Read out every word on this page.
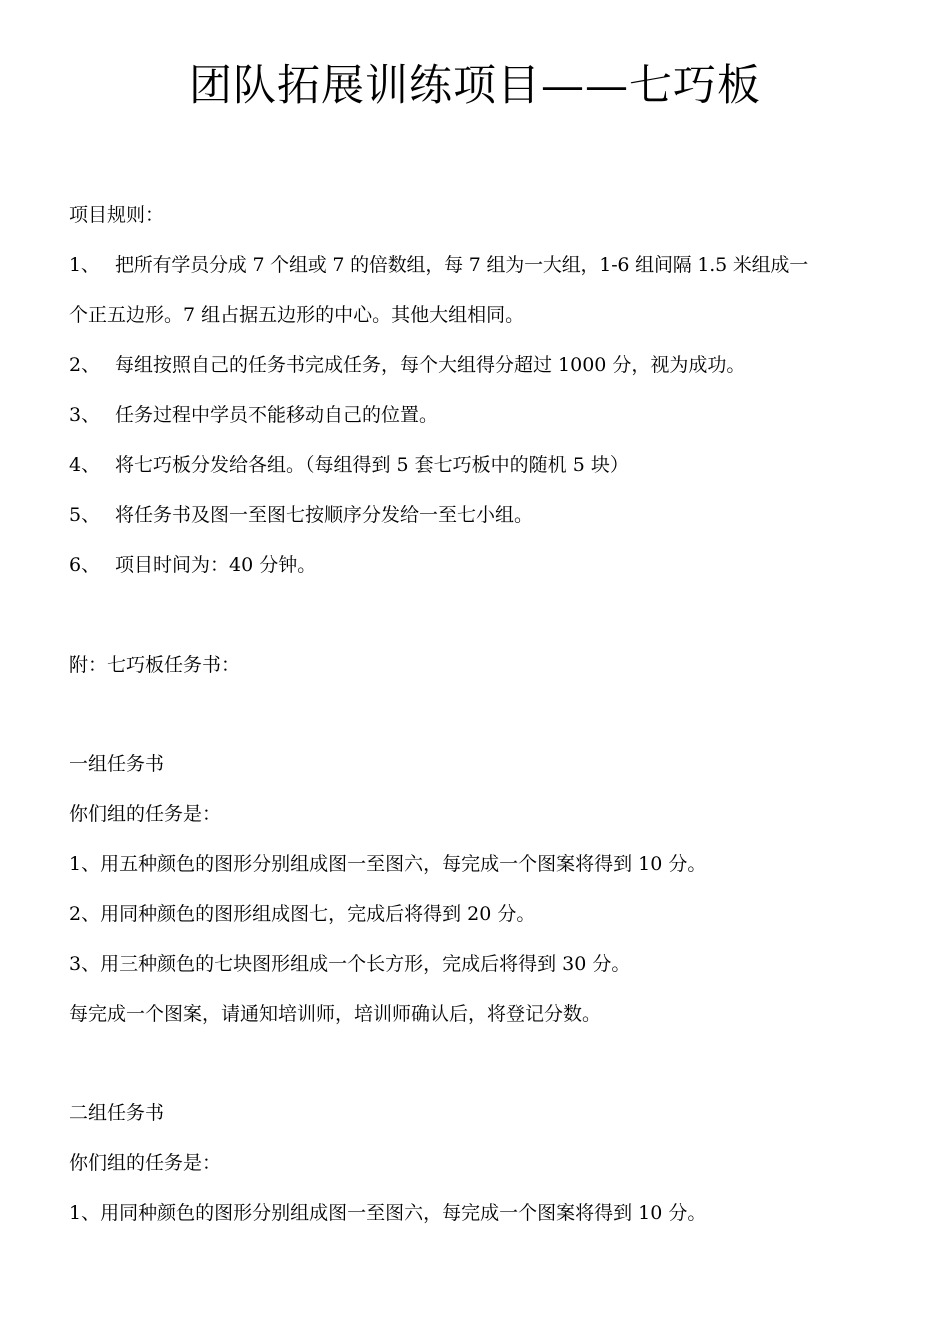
团队拓展训练项目——七巧板
项目规则：
1、 把所有学员分成 7 个组或 7 的倍数组，每 7 组为一大组，1-6 组间隔 1.5 米组成一
个正五边形。7 组占据五边形的中心。其他大组相同。
2、 每组按照自己的任务书完成任务，每个大组得分超过 1000 分，视为成功。
3、 任务过程中学员不能移动自己的位置。
4、 将七巧板分发给各组。（每组得到 5 套七巧板中的随机 5 块）
5、 将任务书及图一至图七按顺序分发给一至七小组。
6、 项目时间为：40 分钟。
附：七巧板任务书：
一组任务书
你们组的任务是：
1、用五种颜色的图形分别组成图一至图六，每完成一个图案将得到 10 分。
2、用同种颜色的图形组成图七，完成后将得到 20 分。
3、用三种颜色的七块图形组成一个长方形，完成后将得到 30 分。
每完成一个图案，请通知培训师，培训师确认后，将登记分数。
二组任务书
你们组的任务是：
1、用同种颜色的图形分别组成图一至图六，每完成一个图案将得到 10 分。
